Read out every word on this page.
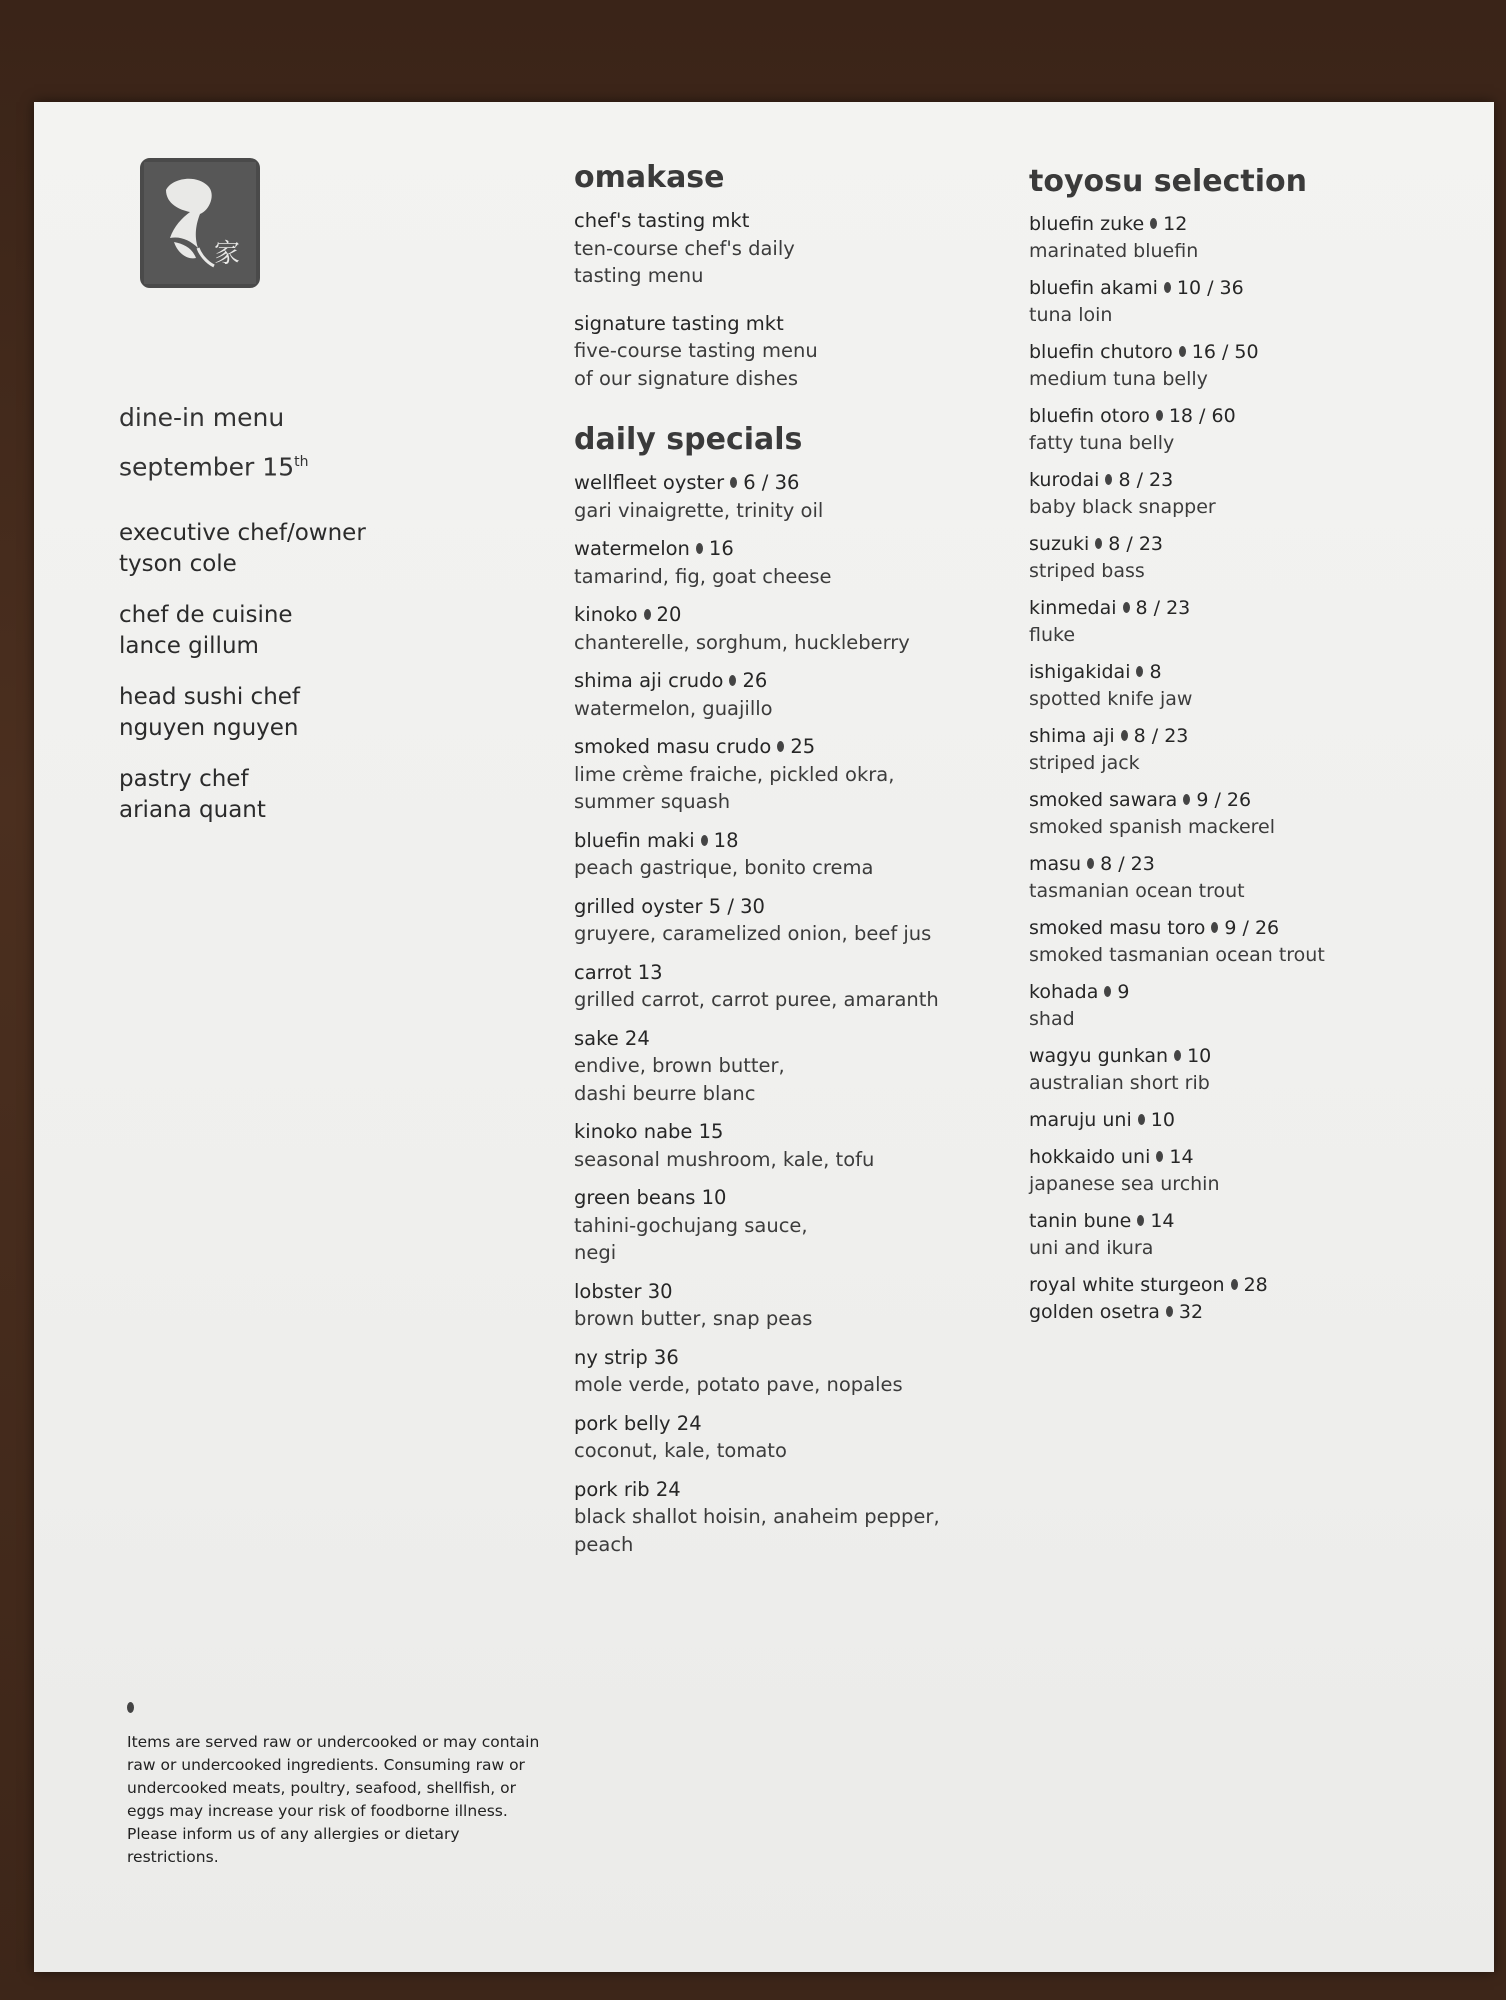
家
dine-in menu
september 15th
executive chef/owner
tyson cole
chef de cuisine
lance gillum
head sushi chef
nguyen nguyen
pastry chef
ariana quant
omakase
chef's tasting mkt
ten-course chef's daily
tasting menu
signature tasting mkt
five-course tasting menu
of our signature dishes
daily specials
wellfleet oyster 6 / 36
gari vinaigrette, trinity oil
watermelon 16
tamarind, fig, goat cheese
kinoko 20
chanterelle, sorghum, huckleberry
shima aji crudo 26
watermelon, guajillo
smoked masu crudo 25
lime crème fraiche, pickled okra,
summer squash
bluefin maki 18
peach gastrique, bonito crema
grilled oyster 5 / 30
gruyere, caramelized onion, beef jus
carrot 13
grilled carrot, carrot puree, amaranth
sake 24
endive, brown butter,
dashi beurre blanc
kinoko nabe 15
seasonal mushroom, kale, tofu
green beans 10
tahini-gochujang sauce,
negi
lobster 30
brown butter, snap peas
ny strip 36
mole verde, potato pave, nopales
pork belly 24
coconut, kale, tomato
pork rib 24
black shallot hoisin, anaheim pepper,
peach
toyosu selection
bluefin zuke 12
marinated bluefin
bluefin akami 10 / 36
tuna loin
bluefin chutoro 16 / 50
medium tuna belly
bluefin otoro 18 / 60
fatty tuna belly
kurodai 8 / 23
baby black snapper
suzuki 8 / 23
striped bass
kinmedai 8 / 23
fluke
ishigakidai 8
spotted knife jaw
shima aji 8 / 23
striped jack
smoked sawara 9 / 26
smoked spanish mackerel
masu 8 / 23
tasmanian ocean trout
smoked masu toro 9 / 26
smoked tasmanian ocean trout
kohada 9
shad
wagyu gunkan 10
australian short rib
maruju uni 10
hokkaido uni 14
japanese sea urchin
tanin bune 14
uni and ikura
royal white sturgeon 28
golden osetra 32
Items are served raw or undercooked or may contain raw or undercooked ingredients. Consuming raw or undercooked meats, poultry, seafood, shellfish, or eggs may increase your risk of foodborne illness. Please inform us of any allergies or dietary restrictions.
